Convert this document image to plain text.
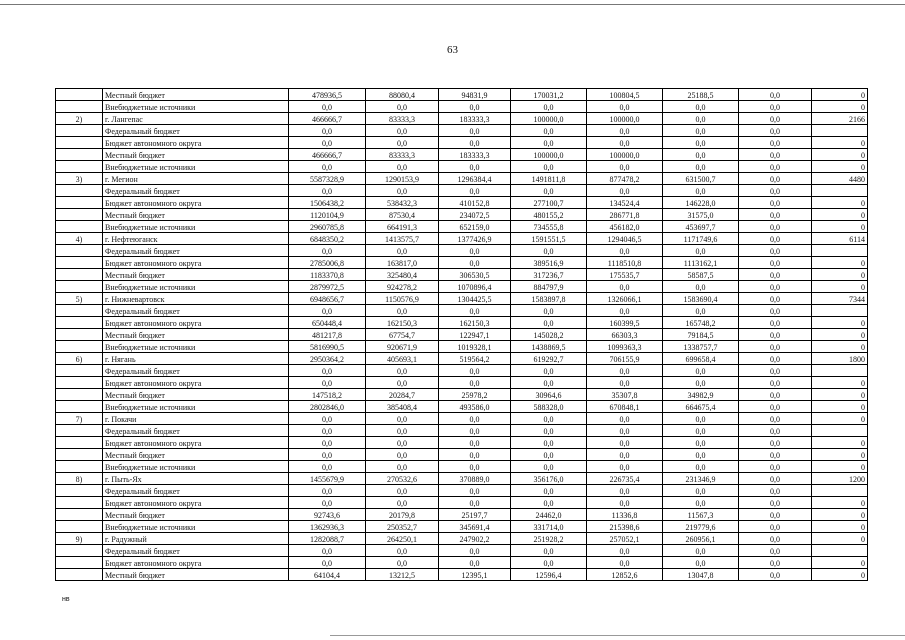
63
	Местный бюджет	478936,5	88080,4	94831,9	170031,2	100804,5	25188,5	0,0	0
	Внебюджетные источники	0,0	0,0	0,0	0,0	0,0	0,0	0,0	0
2)	г. Лангепас	466666,7	83333,3	183333,3	100000,0	100000,0	0,0	0,0	2166
	Федеральный бюджет	0,0	0,0	0,0	0,0	0,0	0,0	0,0	
	Бюджет автономного округа	0,0	0,0	0,0	0,0	0,0	0,0	0,0	0
	Местный бюджет	466666,7	83333,3	183333,3	100000,0	100000,0	0,0	0,0	0
	Внебюджетные источники	0,0	0,0	0,0	0,0	0,0	0,0	0,0	0
3)	г. Мегион	5587328,9	1290153,9	1296384,4	1491811,8	877478,2	631500,7	0,0	4480
	Федеральный бюджет	0,0	0,0	0,0	0,0	0,0	0,0	0,0	
	Бюджет автономного округа	1506438,2	538432,3	410152,8	277100,7	134524,4	146228,0	0,0	0
	Местный бюджет	1120104,9	87530,4	234072,5	480155,2	286771,8	31575,0	0,0	0
	Внебюджетные источники	2960785,8	664191,3	652159,0	734555,8	456182,0	453697,7	0,0	0
4)	г. Нефтеюганск	6848350,2	1413575,7	1377426,9	1591551,5	1294046,5	1171749,6	0,0	6114
	Федеральный бюджет	0,0	0,0	0,0	0,0	0,0	0,0	0,0	
	Бюджет автономного округа	2785006,8	163817,0	0,0	389516,9	1118510,8	1113162,1	0,0	0
	Местный бюджет	1183370,8	325480,4	306530,5	317236,7	175535,7	58587,5	0,0	0
	Внебюджетные источники	2879972,5	924278,2	1070896,4	884797,9	0,0	0,0	0,0	0
5)	г. Нижневартовск	6948656,7	1150576,9	1304425,5	1583897,8	1326066,1	1583690,4	0,0	7344
	Федеральный бюджет	0,0	0,0	0,0	0,0	0,0	0,0	0,0	
	Бюджет автономного округа	650448,4	162150,3	162150,3	0,0	160399,5	165748,2	0,0	0
	Местный бюджет	481217,8	67754,7	122947,1	145028,2	66303,3	79184,5	0,0	0
	Внебюджетные источники	5816990,5	920671,9	1019328,1	1438869,5	1099363,3	1338757,7	0,0	0
6)	г. Нягань	2950364,2	405693,1	519564,2	619292,7	706155,9	699658,4	0,0	1800
	Федеральный бюджет	0,0	0,0	0,0	0,0	0,0	0,0	0,0	
	Бюджет автономного округа	0,0	0,0	0,0	0,0	0,0	0,0	0,0	0
	Местный бюджет	147518,2	20284,7	25978,2	30964,6	35307,8	34982,9	0,0	0
	Внебюджетные источники	2802846,0	385408,4	493586,0	588328,0	670848,1	664675,4	0,0	0
7)	г. Покачи	0,0	0,0	0,0	0,0	0,0	0,0	0,0	0
	Федеральный бюджет	0,0	0,0	0,0	0,0	0,0	0,0	0,0	
	Бюджет автономного округа	0,0	0,0	0,0	0,0	0,0	0,0	0,0	0
	Местный бюджет	0,0	0,0	0,0	0,0	0,0	0,0	0,0	0
	Внебюджетные источники	0,0	0,0	0,0	0,0	0,0	0,0	0,0	0
8)	г. Пыть-Ях	1455679,9	270532,6	370889,0	356176,0	226735,4	231346,9	0,0	1200
	Федеральный бюджет	0,0	0,0	0,0	0,0	0,0	0,0	0,0	
	Бюджет автономного округа	0,0	0,0	0,0	0,0	0,0	0,0	0,0	0
	Местный бюджет	92743,6	20179,8	25197,7	24462,0	11336,8	11567,3	0,0	0
	Внебюджетные источники	1362936,3	250352,7	345691,4	331714,0	215398,6	219779,6	0,0	0
9)	г. Радужный	1282088,7	264250,1	247902,2	251928,2	257052,1	260956,1	0,0	0
	Федеральный бюджет	0,0	0,0	0,0	0,0	0,0	0,0	0,0	
	Бюджет автономного округа	0,0	0,0	0,0	0,0	0,0	0,0	0,0	0
	Местный бюджет	64104,4	13212,5	12395,1	12596,4	12852,6	13047,8	0,0	0
нв
